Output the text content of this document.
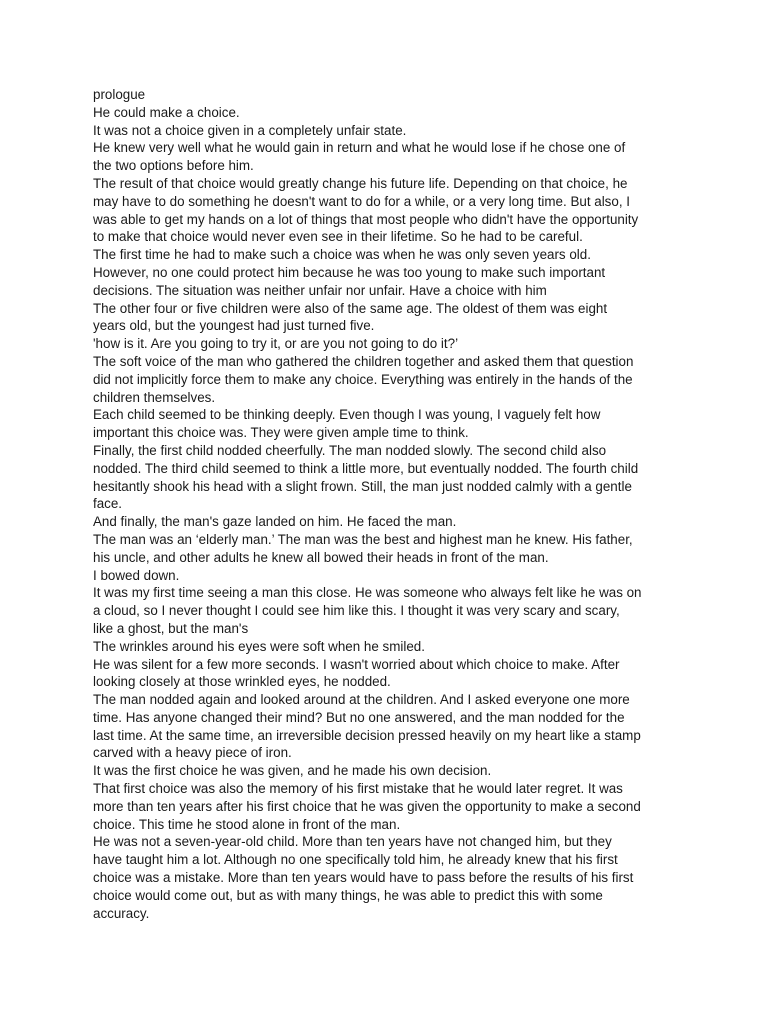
prologue

He could make a choice.

It was not a choice given in a completely unfair state.

He knew very well what he would gain in return and what he would lose if he chose one of

the two options before him.

The result of that choice would greatly change his future life. Depending on that choice, he

may have to do something he doesn't want to do for a while, or a very long time. But also, I

was able to get my hands on a lot of things that most people who didn't have the opportunity

to make that choice would never even see in their lifetime. So he had to be careful.

The first time he had to make such a choice was when he was only seven years old.

However, no one could protect him because he was too young to make such important

decisions. The situation was neither unfair nor unfair. Have a choice with him

The other four or five children were also of the same age. The oldest of them was eight

years old, but the youngest had just turned five.

'how is it. Are you going to try it, or are you not going to do it?’

The soft voice of the man who gathered the children together and asked them that question

did not implicitly force them to make any choice. Everything was entirely in the hands of the

children themselves.

Each child seemed to be thinking deeply. Even though I was young, I vaguely felt how

important this choice was. They were given ample time to think.

Finally, the first child nodded cheerfully. The man nodded slowly. The second child also

nodded. The third child seemed to think a little more, but eventually nodded. The fourth child

hesitantly shook his head with a slight frown. Still, the man just nodded calmly with a gentle

face.

And finally, the man's gaze landed on him. He faced the man.

The man was an ‘elderly man.’ The man was the best and highest man he knew. His father,

his uncle, and other adults he knew all bowed their heads in front of the man.

I bowed down.

It was my first time seeing a man this close. He was someone who always felt like he was on

a cloud, so I never thought I could see him like this. I thought it was very scary and scary,

like a ghost, but the man's

The wrinkles around his eyes were soft when he smiled.

He was silent for a few more seconds. I wasn't worried about which choice to make. After

looking closely at those wrinkled eyes, he nodded.

The man nodded again and looked around at the children. And I asked everyone one more

time. Has anyone changed their mind? But no one answered, and the man nodded for the

last time. At the same time, an irreversible decision pressed heavily on my heart like a stamp

carved with a heavy piece of iron.

It was the first choice he was given, and he made his own decision.

That first choice was also the memory of his first mistake that he would later regret. It was

more than ten years after his first choice that he was given the opportunity to make a second

choice. This time he stood alone in front of the man.

He was not a seven-year-old child. More than ten years have not changed him, but they

have taught him a lot. Although no one specifically told him, he already knew that his first

choice was a mistake. More than ten years would have to pass before the results of his first

choice would come out, but as with many things, he was able to predict this with some

accuracy.
